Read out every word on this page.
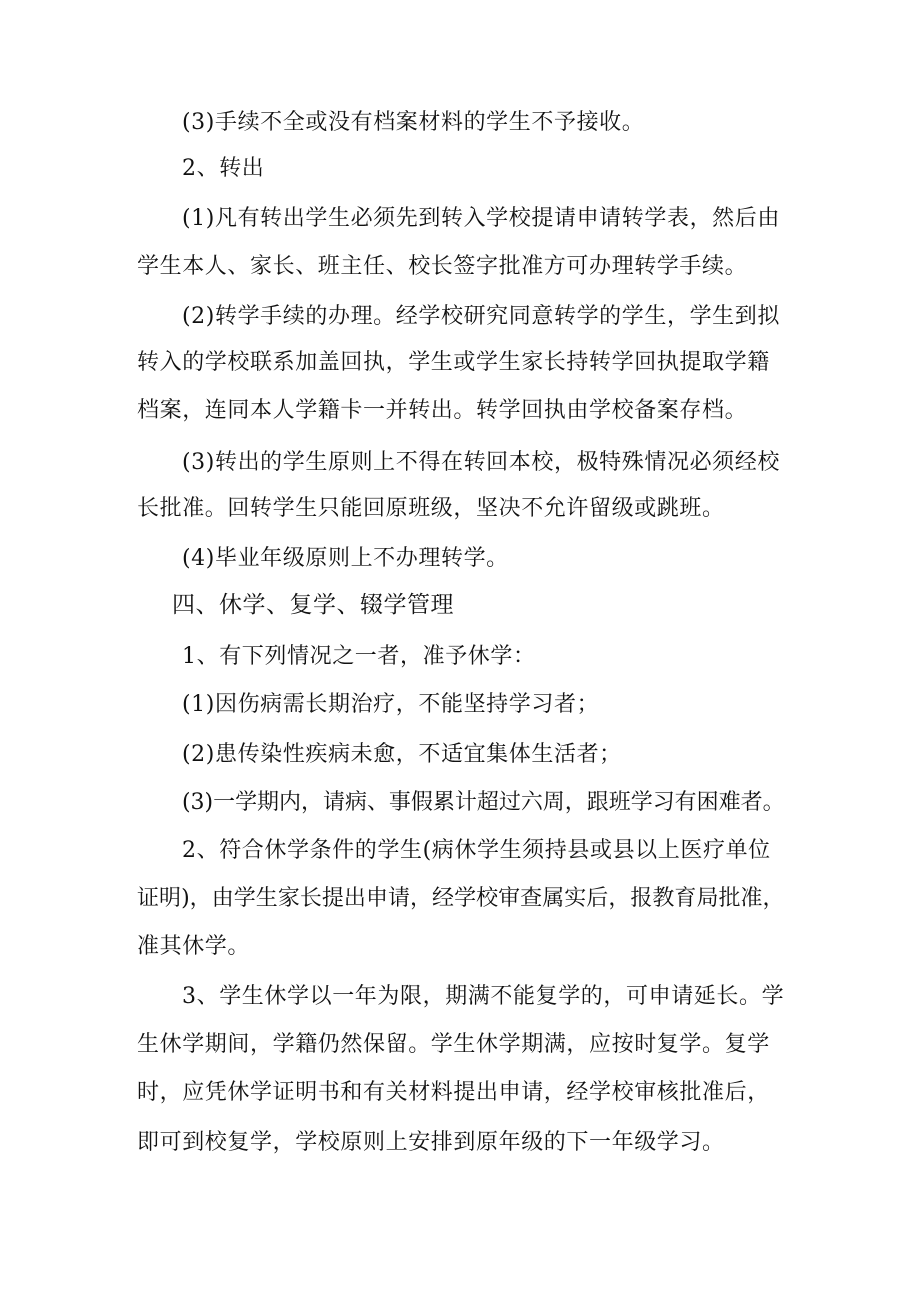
(3)手续不全或没有档案材料的学生不予接收。
2、转出
(1)凡有转出学生必须先到转入学校提请申请转学表，然后由
学生本人、家长、班主任、校长签字批准方可办理转学手续。
(2)转学手续的办理。经学校研究同意转学的学生，学生到拟
转入的学校联系加盖回执，学生或学生家长持转学回执提取学籍
档案，连同本人学籍卡一并转出。转学回执由学校备案存档。
(3)转出的学生原则上不得在转回本校，极特殊情况必须经校
长批准。回转学生只能回原班级，坚决不允许留级或跳班。
(4)毕业年级原则上不办理转学。
四、休学、复学、辍学管理
1、有下列情况之一者，准予休学：
(1)因伤病需长期治疗，不能坚持学习者；
(2)患传染性疾病未愈，不适宜集体生活者；
(3)一学期内，请病、事假累计超过六周，跟班学习有困难者。
2、符合休学条件的学生(病休学生须持县或县以上医疗单位
证明)，由学生家长提出申请，经学校审查属实后，报教育局批准，
准其休学。
3、学生休学以一年为限，期满不能复学的，可申请延长。学
生休学期间，学籍仍然保留。学生休学期满，应按时复学。复学
时，应凭休学证明书和有关材料提出申请，经学校审核批准后，
即可到校复学，学校原则上安排到原年级的下一年级学习。
